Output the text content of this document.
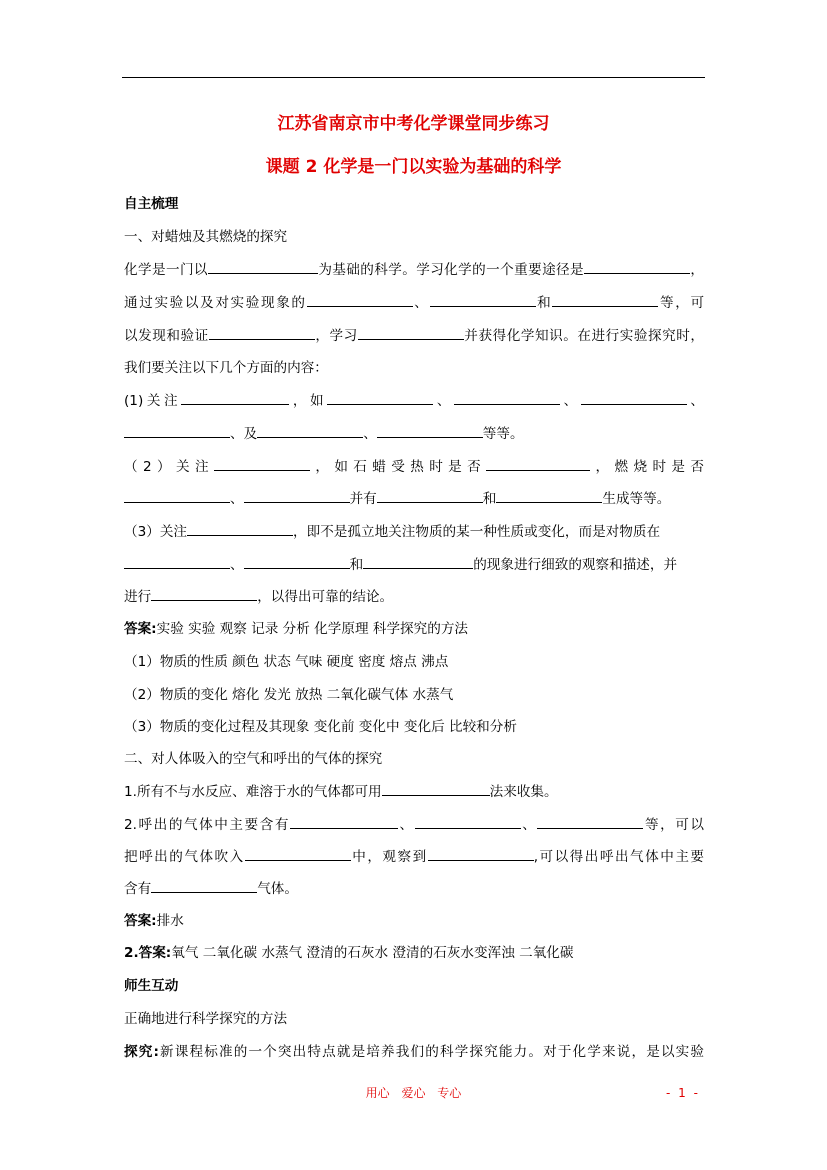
江苏省南京市中考化学课堂同步练习
课题 2 化学是一门以实验为基础的科学
自主梳理
一、对蜡烛及其燃烧的探究
化学是一门以	为基础的科学。学习化学的一个重要途径是	，
通过实验以及对实验现象的	、	和	等，可
以发现和验证	，学习	并获得化学知识。在进行实验探究时，
我们要关注以下几个方面的内容：
(1)关注	，如	、	、	、
、及	、	等等。
（2）关注	，如石蜡受热时是否	，燃烧时是否
、	并有	和	生成等等。
（3）关注	，即不是孤立地关注物质的某一种性质或变化，而是对物质在
、	和	的现象进行细致的观察和描述，并
进行	，以得出可靠的结论。
答案:实验 实验 观察 记录 分析 化学原理 科学探究的方法
（1）物质的性质 颜色 状态 气味 硬度 密度 熔点 沸点
（2）物质的变化 熔化 发光 放热 二氧化碳气体 水蒸气
（3）物质的变化过程及其现象 变化前 变化中 变化后 比较和分析
二、对人体吸入的空气和呼出的气体的探究
1.所有不与水反应、难溶于水的气体都可用	法来收集。
2.呼出的气体中主要含有	、	、	等，可以
把呼出的气体吹入	中，观察到	,可以得出呼出气体中主要
含有	气体。
答案:排水
2.答案:氧气 二氧化碳 水蒸气 澄清的石灰水 澄清的石灰水变浑浊 二氧化碳
师生互动
正确地进行科学探究的方法
探究:新课程标准的一个突出特点就是培养我们的科学探究能力。对于化学来说，是以实验
用心 爱心 专心	- 1 -
